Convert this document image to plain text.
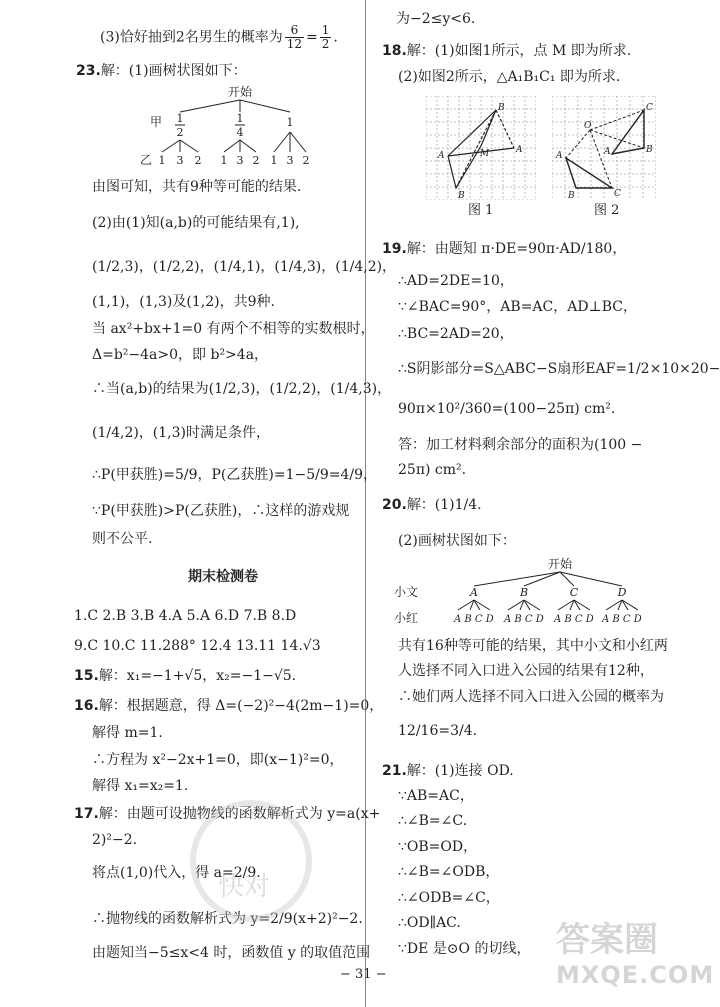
(3)恰好抽到2名男生的概率为 $\frac{6}{12} = \frac{1}{2}$ .
23.解：(1)画树状图如下：
开始
甲 1
2
1
4
1
乙 1 3 2 1 3 2 1 3 2
由图可知，共有9种等可能的结果.
(2)由(1)知(a,b)的可能结果有,1),
(1/2,3)，(1/2,2)，(1/4,1)，(1/4,3)，(1/4,2)，
(1,1)，(1,3)及(1,2)，共9种.
当 ax²+bx+1=0 有两个不相等的实数根时，
Δ=b²−4a>0，即 b²>4a，
∴当(a,b)的结果为(1/2,3)，(1/2,2)，(1/4,3)，
(1/4,2)，(1,3)时满足条件，
∴P(甲获胜)=5/9，P(乙获胜)=1−5/9=4/9，
∵P(甲获胜)>P(乙获胜)，∴这样的游戏规
则不公平.
期末检测卷
1.C 2.B 3.B 4.A 5.A 6.D 7.B 8.D
9.C 10.C 11.288° 12.4 13.11 14.√3
15.解：x₁=−1+√5，x₂=−1−√5.
16.解：根据题意，得 Δ=(−2)²−4(2m−1)=0，
解得 m=1.
∴方程为 x²−2x+1=0，即(x−1)²=0，
解得 x₁=x₂=1.
17.解：由题可设抛物线的函数解析式为 y=a(x+
2)²−2.
将点(1,0)代入，得 a=2/9.
∴抛物线的函数解析式为 y=2/9(x+2)²−2.
由题知当−5≤x<4 时，函数值 y 的取值范围
快对
为−2≤y<6.
18.解：(1)如图1所示，点 M 即为所求.
(2)如图2所示，△A₁B₁C₁ 即为所求.
A
B
B
M	A
图 1
A
B	C
O
C
B
A
图 2
19.解：由题知 π·DE=90π·AD/180，
∴AD=2DE=10，
∵∠BAC=90°，AB=AC，AD⊥BC，
∴BC=2AD=20，
∴S阴影部分=S△ABC−S扇形EAF=1/2×10×20−
90π×10²/360=(100−25π) cm².
答：加工材料剩余部分的面积为(100 −
25π) cm².
20.解：(1)1/4.
(2)画树状图如下：
开始
小文	A	B	C	D
小红	A B C D A B C D A B C D A B C D
共有16种等可能的结果，其中小文和小红两
人选择不同入口进入公园的结果有12种，
∴她们两人选择不同入口进入公园的概率为
12/16=3/4.
21.解：(1)连接 OD.
∵AB=AC，
∴∠B=∠C.
∵OB=OD，
∴∠B=∠ODB，
∴∠ODB=∠C，
∴OD∥AC.
∵DE 是⊙O 的切线， 答案圈
MXQE.COM
− 31 −
